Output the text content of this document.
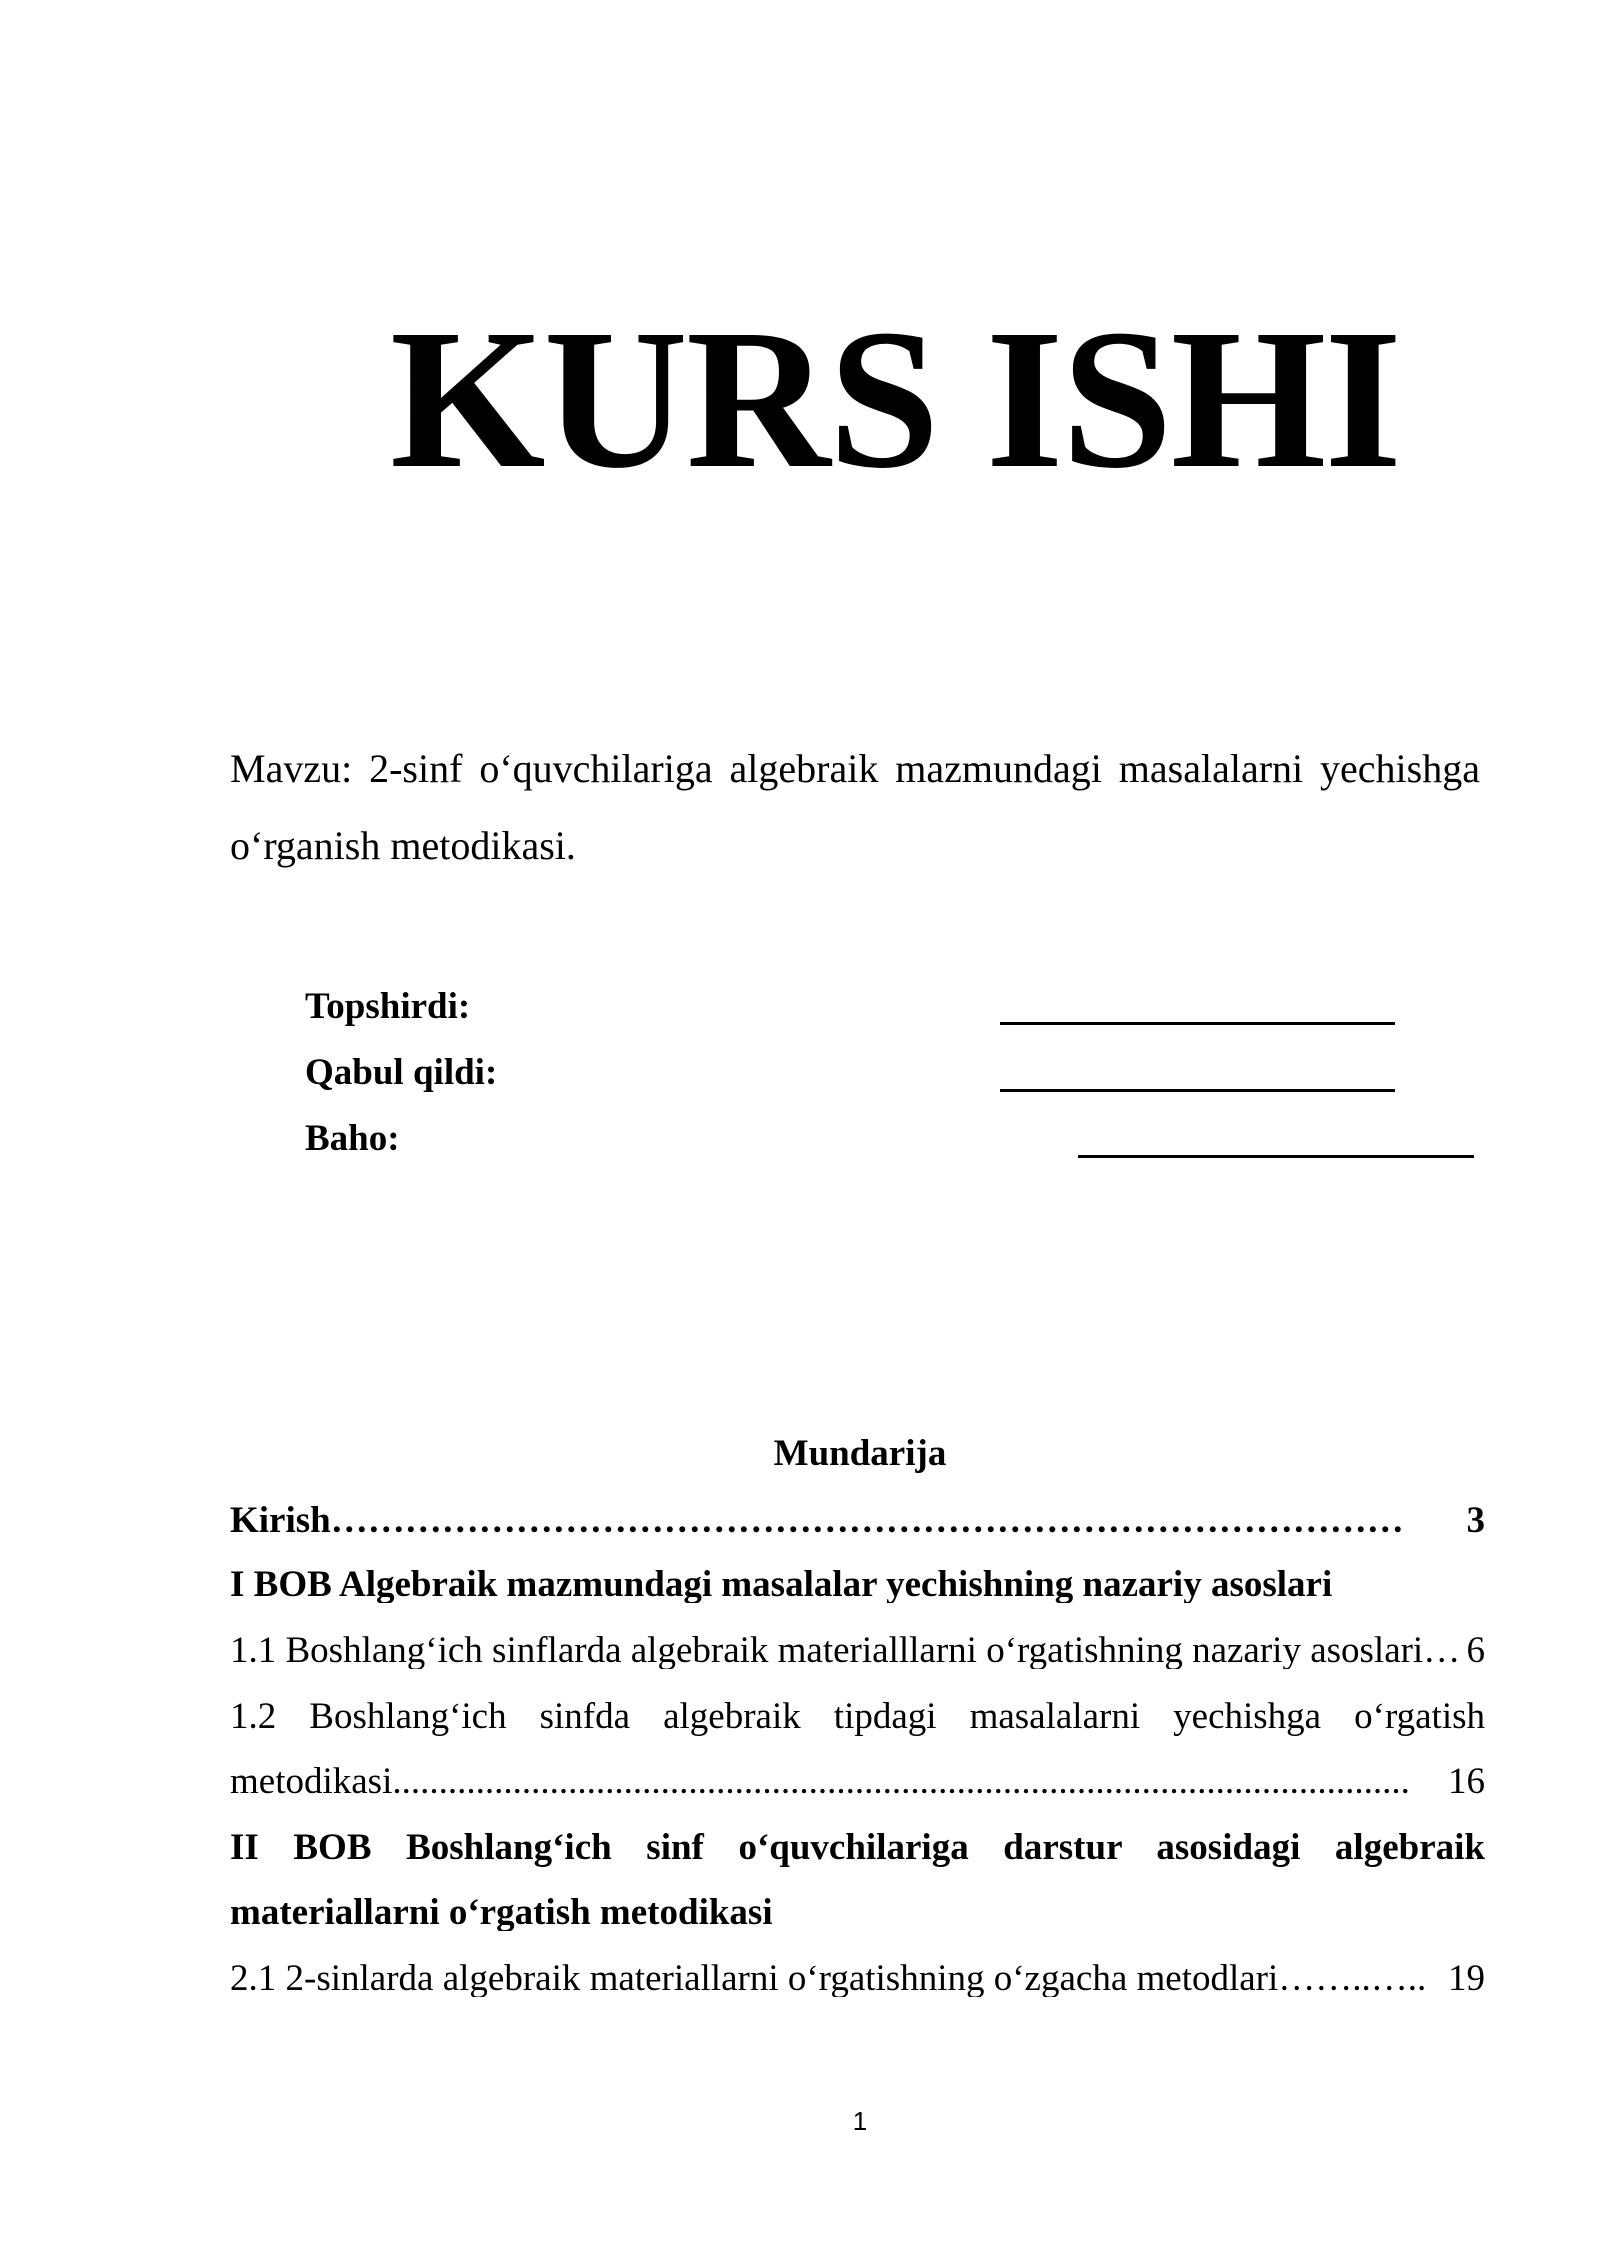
KURS ISHI

Mavzu: 2-sinf o‘quvchilariga algebraik mazmundagi masalalarni yechishga o‘rganish metodikasi.

Topshirdi:
Qabul qildi:
Baho:
Mundarija
Kirish ……………………………………………………………………………	3
I BOB Algebraik mazmundagi masalalar yechishning nazariy asoslari
1.1 Boshlang‘ich sinflarda algebraik materialllarni o‘rgatishning nazariy asoslari … 6
1.2 Boshlang‘ich sinfda algebraik tipdagi masalalarni yechishga o‘rgatish
metodikasi ..............................................................................................................	16
II BOB Boshlang‘ich sinf o‘quvchilariga darstur asosidagi algebraik
materiallarni o‘rgatish metodikasi
2.1 2-sinlarda algebraik materiallarni o‘rgatishning o‘zgacha metodlari ……..….. 19
1
